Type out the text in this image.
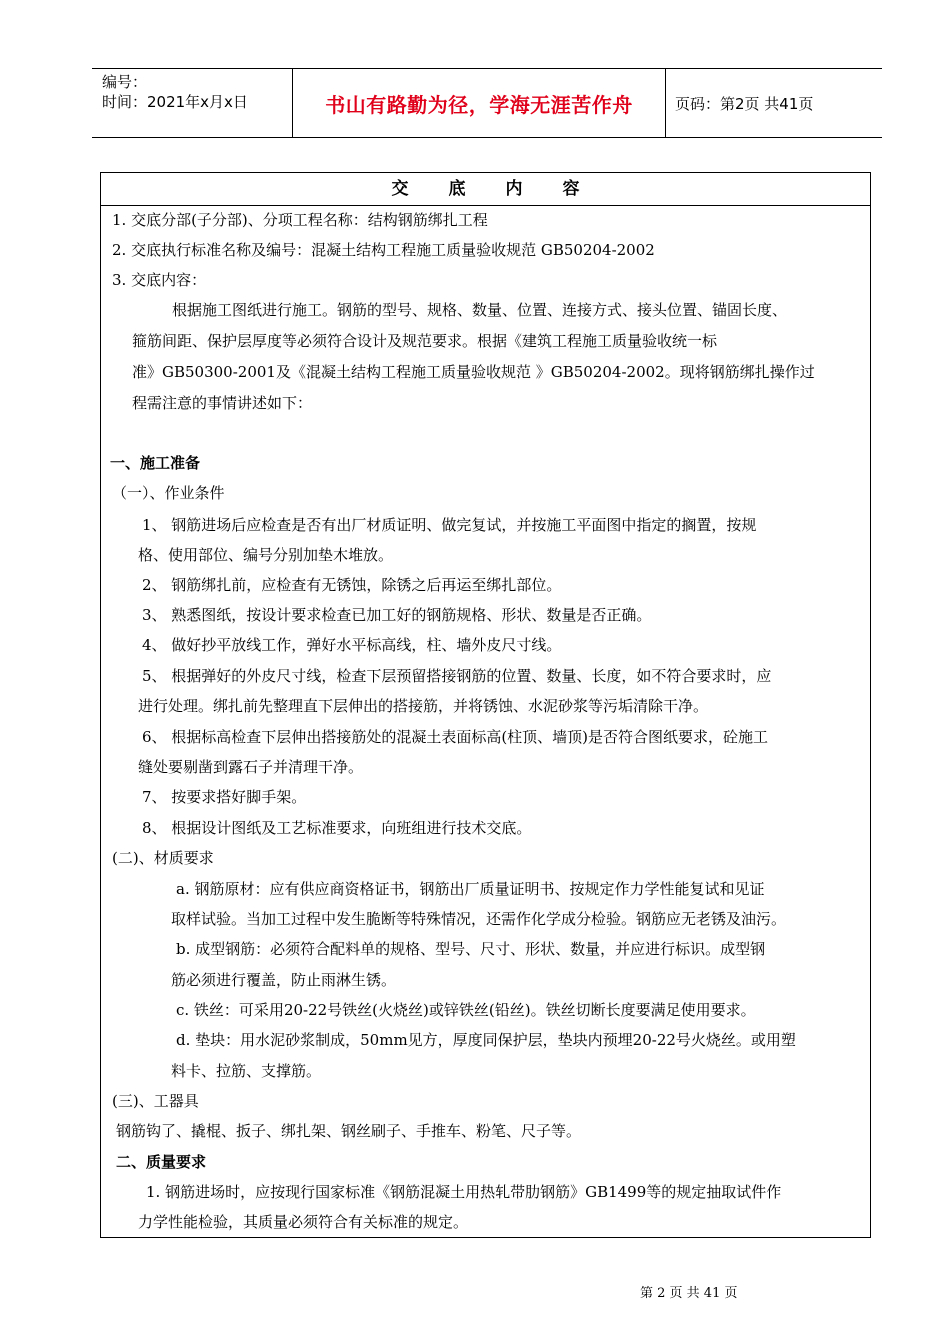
编号：
时间：2021年x月x日	书山有路勤为径，学海无涯苦作舟	页码：第2页 共41页
交底内容
1. 交底分部(子分部)、分项工程名称：结构钢筋绑扎工程
2. 交底执行标准名称及编号：混凝土结构工程施工质量验收规范 GB50204-2002
3. 交底内容：
根据施工图纸进行施工。钢筋的型号、规格、数量、位置、连接方式、接头位置、锚固长度、
箍筋间距、保护层厚度等必须符合设计及规范要求。根据《建筑工程施工质量验收统一标
准》GB50300-2001及《混凝土结构工程施工质量验收规范 》GB50204-2002。现将钢筋绑扎操作过
程需注意的事情讲述如下：
一、施工准备
（一）、作业条件
1、 钢筋进场后应检查是否有出厂材质证明、做完复试，并按施工平面图中指定的搁置，按规
格、使用部位、编号分别加垫木堆放。
2、 钢筋绑扎前，应检查有无锈蚀，除锈之后再运至绑扎部位。
3、 熟悉图纸，按设计要求检查已加工好的钢筋规格、形状、数量是否正确。
4、 做好抄平放线工作，弹好水平标高线，柱、墙外皮尺寸线。
5、 根据弹好的外皮尺寸线，检查下层预留搭接钢筋的位置、数量、长度，如不符合要求时，应
进行处理。绑扎前先整理直下层伸出的搭接筋，并将锈蚀、水泥砂浆等污垢清除干净。
6、 根据标高检查下层伸出搭接筋处的混凝土表面标高(柱顶、墙顶)是否符合图纸要求，砼施工
缝处要剔凿到露石子并清理干净。
7、 按要求搭好脚手架。
8、 根据设计图纸及工艺标准要求，向班组进行技术交底。
(二)、材质要求
a. 钢筋原材：应有供应商资格证书，钢筋出厂质量证明书、按规定作力学性能复试和见证
取样试验。当加工过程中发生脆断等特殊情况，还需作化学成分检验。钢筋应无老锈及油污。
b. 成型钢筋：必须符合配料单的规格、型号、尺寸、形状、数量，并应进行标识。成型钢
筋必须进行覆盖，防止雨淋生锈。
c. 铁丝：可采用20-22号铁丝(火烧丝)或锌铁丝(铅丝)。铁丝切断长度要满足使用要求。
d. 垫块：用水泥砂浆制成，50mm见方，厚度同保护层，垫块内预埋20-22号火烧丝。或用塑
料卡、拉筋、支撑筋。
(三)、工器具
钢筋钩了、撬棍、扳子、绑扎架、钢丝刷子、手推车、粉笔、尺子等。
二、质量要求
1. 钢筋进场时，应按现行国家标准《钢筋混凝土用热轧带肋钢筋》GB1499等的规定抽取试件作
力学性能检验，其质量必须符合有关标准的规定。
第 2 页 共 41 页
